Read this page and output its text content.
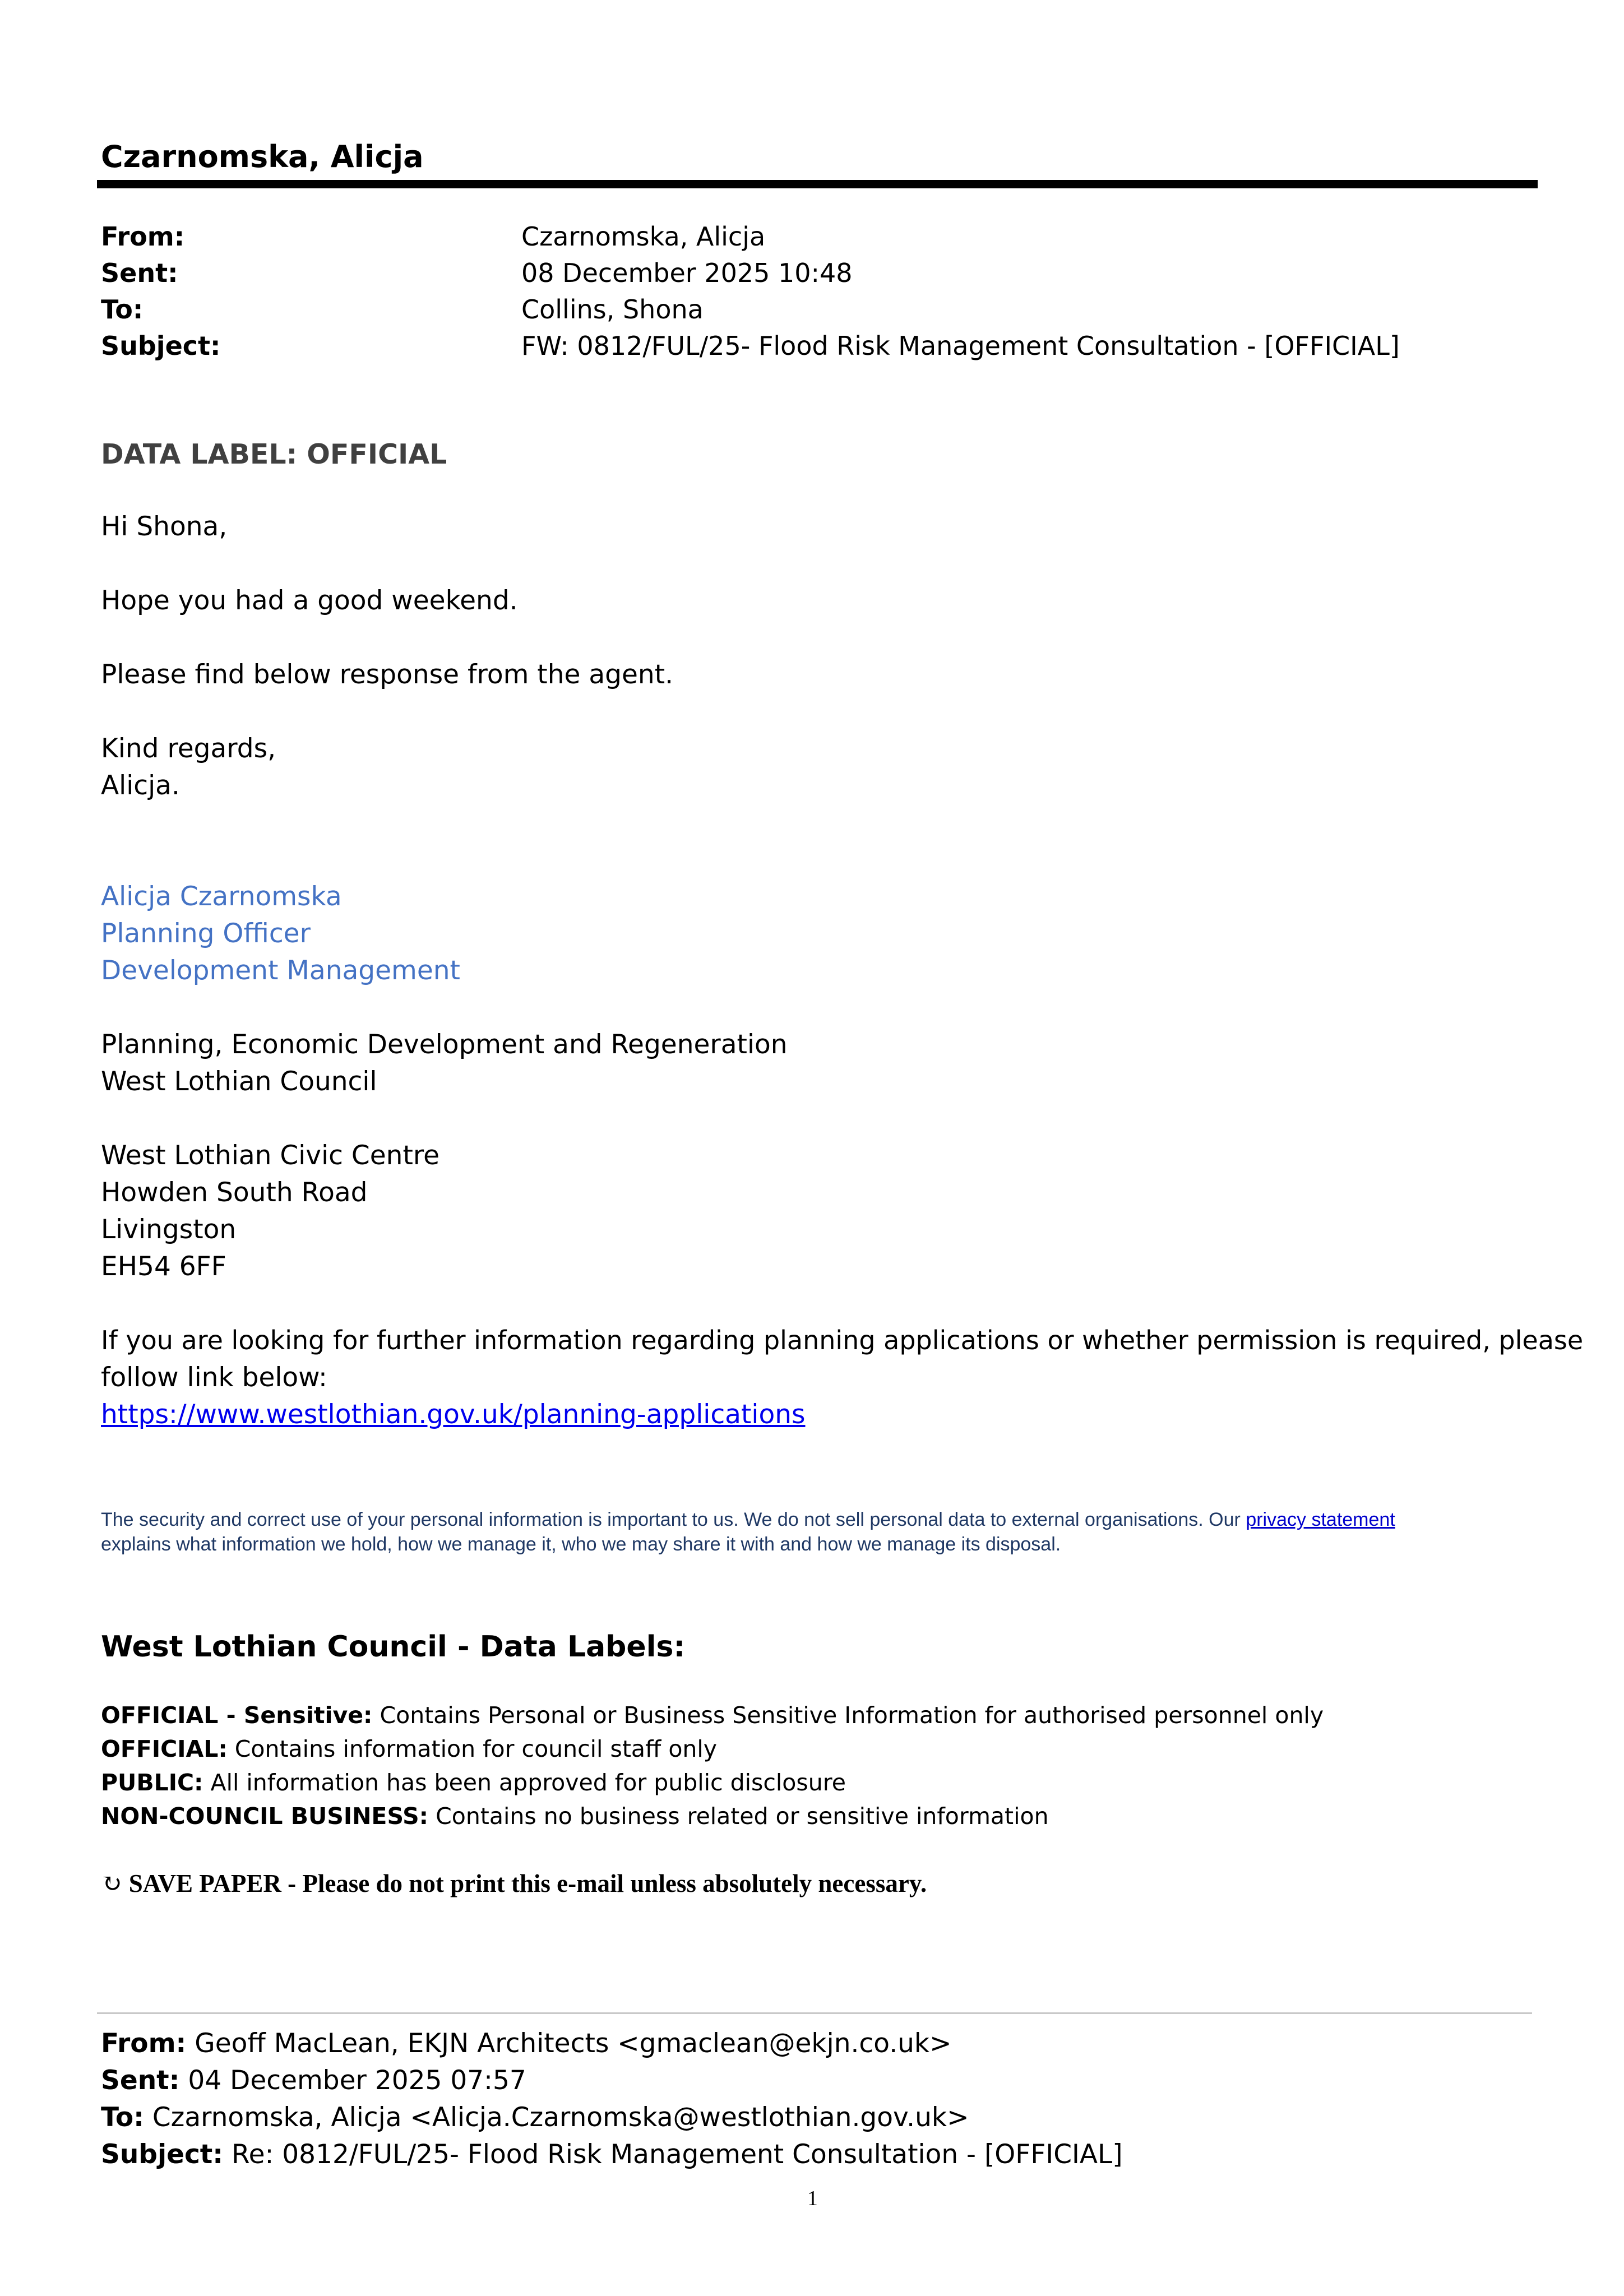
Czarnomska, Alicja
From:	Czarnomska, Alicja
Sent:	08 December 2025 10:48
To:	Collins, Shona
Subject:	FW: 0812/FUL/25- Flood Risk Management Consultation - [OFFICIAL]
DATA LABEL: OFFICIAL
Hi Shona,
Hope you had a good weekend.
Please find below response from the agent.
Kind regards,
Alicja.
Alicja Czarnomska
Planning Officer
Development Management
Planning, Economic Development and Regeneration
West Lothian Council
West Lothian Civic Centre
Howden South Road
Livingston
EH54 6FF
If you are looking for further information regarding planning applications or whether permission is required, please
follow link below:
https://www.westlothian.gov.uk/planning-applications
The security and correct use of your personal information is important to us. We do not sell personal data to external organisations. Our privacy statement
explains what information we hold, how we manage it, who we may share it with and how we manage its disposal.
West Lothian Council - Data Labels:
OFFICIAL - Sensitive: Contains Personal or Business Sensitive Information for authorised personnel only
OFFICIAL: Contains information for council staff only
PUBLIC: All information has been approved for public disclosure
NON-COUNCIL BUSINESS: Contains no business related or sensitive information
↻ SAVE PAPER - Please do not print this e-mail unless absolutely necessary.
From: Geoff MacLean, EKJN Architects <gmaclean@ekjn.co.uk>
Sent: 04 December 2025 07:57
To: Czarnomska, Alicja <Alicja.Czarnomska@westlothian.gov.uk>
Subject: Re: 0812/FUL/25- Flood Risk Management Consultation - [OFFICIAL]
1
